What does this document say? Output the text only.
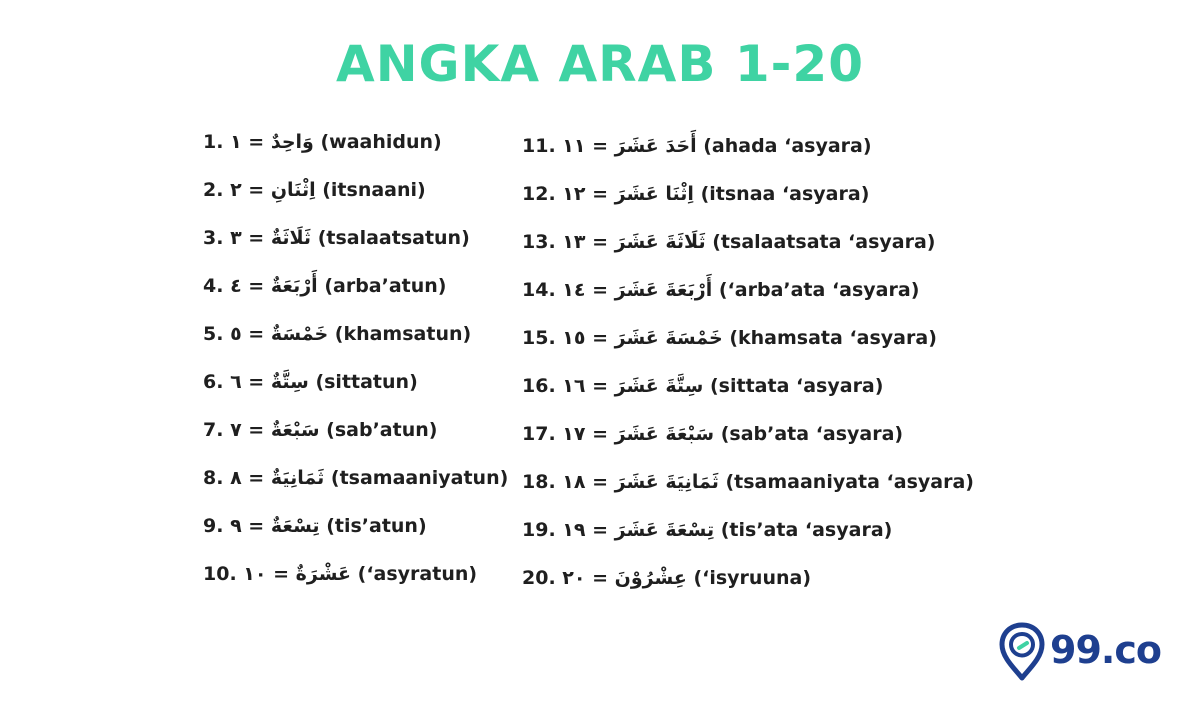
ANGKA ARAB 1-20
1. ١ = وَاحِدٌ (waahidun)
2. ٢ = اِثْنَانِ (itsnaani)
3. ٣ = ثَلَاثَةٌ (tsalaatsatun)
4. ٤ = أَرْبَعَةٌ (arba’atun)
5. ٥ = خَمْسَةٌ (khamsatun)
6. ٦ = سِتَّةٌ (sittatun)
7. ٧ = سَبْعَةٌ (sab’atun)
8. ٨ = ثَمَانِيَةٌ (tsamaaniyatun)
9. ٩ = تِسْعَةٌ (tis’atun)
10. ١٠ = عَشْرَةٌ (‘asyratun)
11. ١١ = أَحَدَ عَشَرَ (ahada ‘asyara)
12. ١٢ = اِثْنَا عَشَرَ (itsnaa ‘asyara)
13. ١٣ = ثَلَاثَةَ عَشَرَ (tsalaatsata ‘asyara)
14. ١٤ = أَرْبَعَةَ عَشَرَ (‘arba’ata ‘asyara)
15. ١٥ = خَمْسَةَ عَشَرَ (khamsata ‘asyara)
16. ١٦ = سِتَّةَ عَشَرَ (sittata ‘asyara)
17. ١٧ = سَبْعَةَ عَشَرَ (sab’ata ‘asyara)
18. ١٨ = ثَمَانِيَةَ عَشَرَ (tsamaaniyata ‘asyara)
19. ١٩ = تِسْعَةَ عَشَرَ (tis’ata ‘asyara)
20. ٢٠ = عِشْرُوْنَ (‘isyruuna)
99.co
